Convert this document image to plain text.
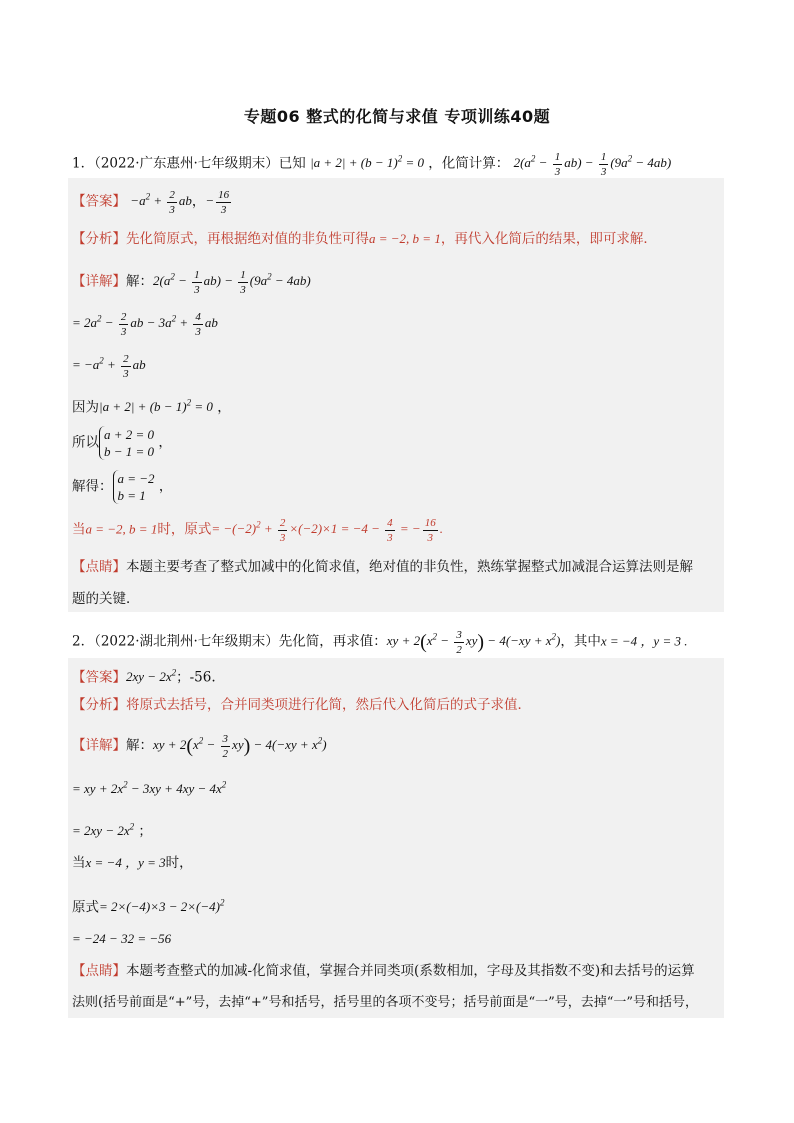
专题06 整式的化简与求值 专项训练40题
1．（2022·广东惠州·七年级期末）已知 $|a + 2| + (b - 1)^2 = 0$ ，化简计算： $2(a^2 - \frac{1}{3} ab) - \frac{1}{3} (9a^2 - 4ab)$
【答案】 $-a^2 + \frac{2}{3}$ ab，− $\frac{16}{3}$
【分析】先化简原式，再根据绝对值的非负性可得a = −2, b = 1，再代入化简后的结果，即可求解．
【详解】解：$2(a^2 - \frac{1}{3} ab) - \frac{1}{3} (9a^2 - 4ab)$
= $2a^2 - \frac{2}{3}$ ab − $3a^2 + \frac{4}{3}$ ab
= $-a^2 + \frac{2}{3}$ ab
因为$|a + 2| + (b - 1)^2 = 0$ ，
所以 a + 2 = 0
b − 1 = 0 ，
解得： a = −2
b = 1 ，
当a = −2, b = 1时，原式= $-(-2)^2 + \frac{2}{3} \times(-2)\times 1 = -4 - \frac{4}{3}$ = − $\frac{16}{3}$ .
【点睛】本题主要考查了整式加减中的化简求值，绝对值的非负性，熟练掌握整式加减混合运算法则是解
题的关键．
2．（2022·湖北荆州·七年级期末）先化简，再求值：xy + $2(x^2 - \frac{3}{2} xy) - 4(-xy + x^2)$，其中x = −4 ，y = 3 .
【答案】$2xy - 2x^2$；-56.
【分析】将原式去括号，合并同类项进行化简，然后代入化简后的式子求值．
【详解】解：xy + $2(x^2 - \frac{3}{2} xy) - 4(-xy + x^2)$
= xy + $2x^2 - 3xy + 4xy - 4x^2$
= $2xy - 2x^2$ ；
当x = −4 ，y = 3时，
原式= $2\times(-4)\times 3 - 2\times(-4)^2$
= −24 − 32 = −56
【点睛】本题考查整式的加减-化简求值，掌握合并同类项(系数相加，字母及其指数不变)和去括号的运算
法则(括号前面是“+”号，去掉“+”号和括号，括号里的各项不变号；括号前面是“一”号，去掉“一”号和括号，
